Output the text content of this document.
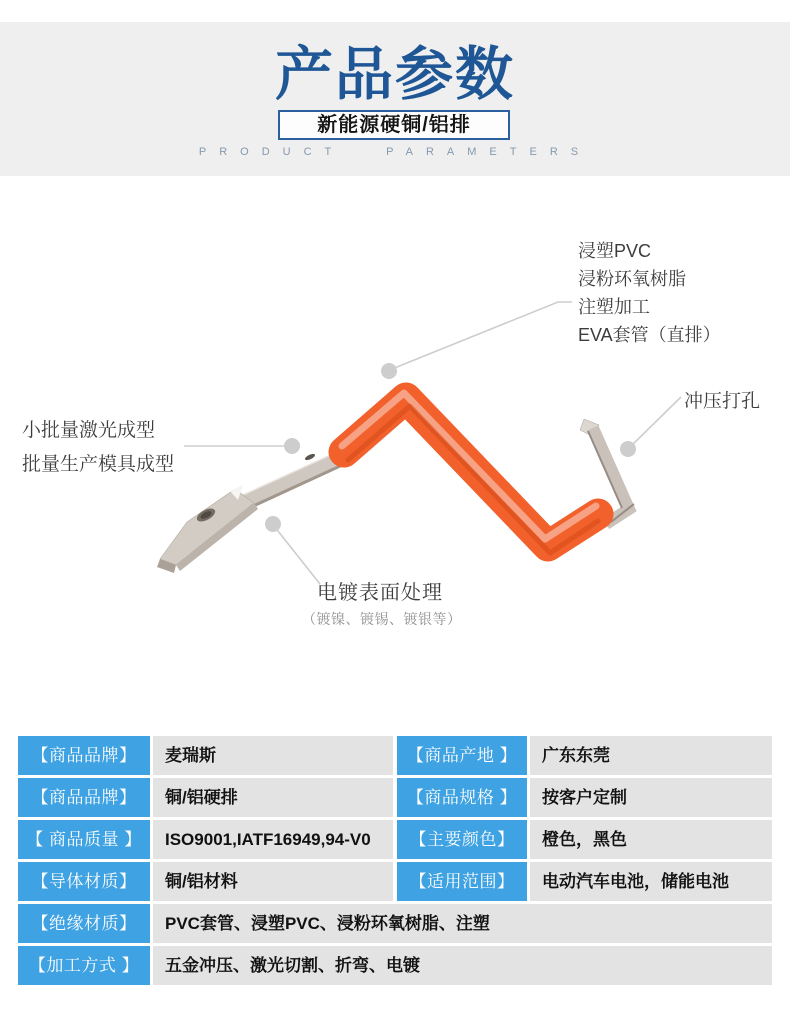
产品参数
新能源硬铜/铝排
PRODUCT PARAMETERS
浸塑PVC
浸粉环氧树脂
注塑加工
EVA套管（直排）
冲压打孔
小批量激光成型
批量生产模具成型
电镀表面处理
（镀镍、镀锡、镀银等）
【商品品牌】	麦瑞斯	【商品产地 】	广东东莞
【商品品牌】	铜/铝硬排	【商品规格 】	按客户定制
【 商品质量 】	ISO9001,IATF16949,94-V0	【主要颜色】	橙色，黑色
【导体材质】	铜/铝材料	【适用范围】	电动汽车电池，储能电池
【绝缘材质】	PVC套管、浸塑PVC、浸粉环氧树脂、注塑
【加工方式 】	五金冲压、激光切割、折弯、电镀
